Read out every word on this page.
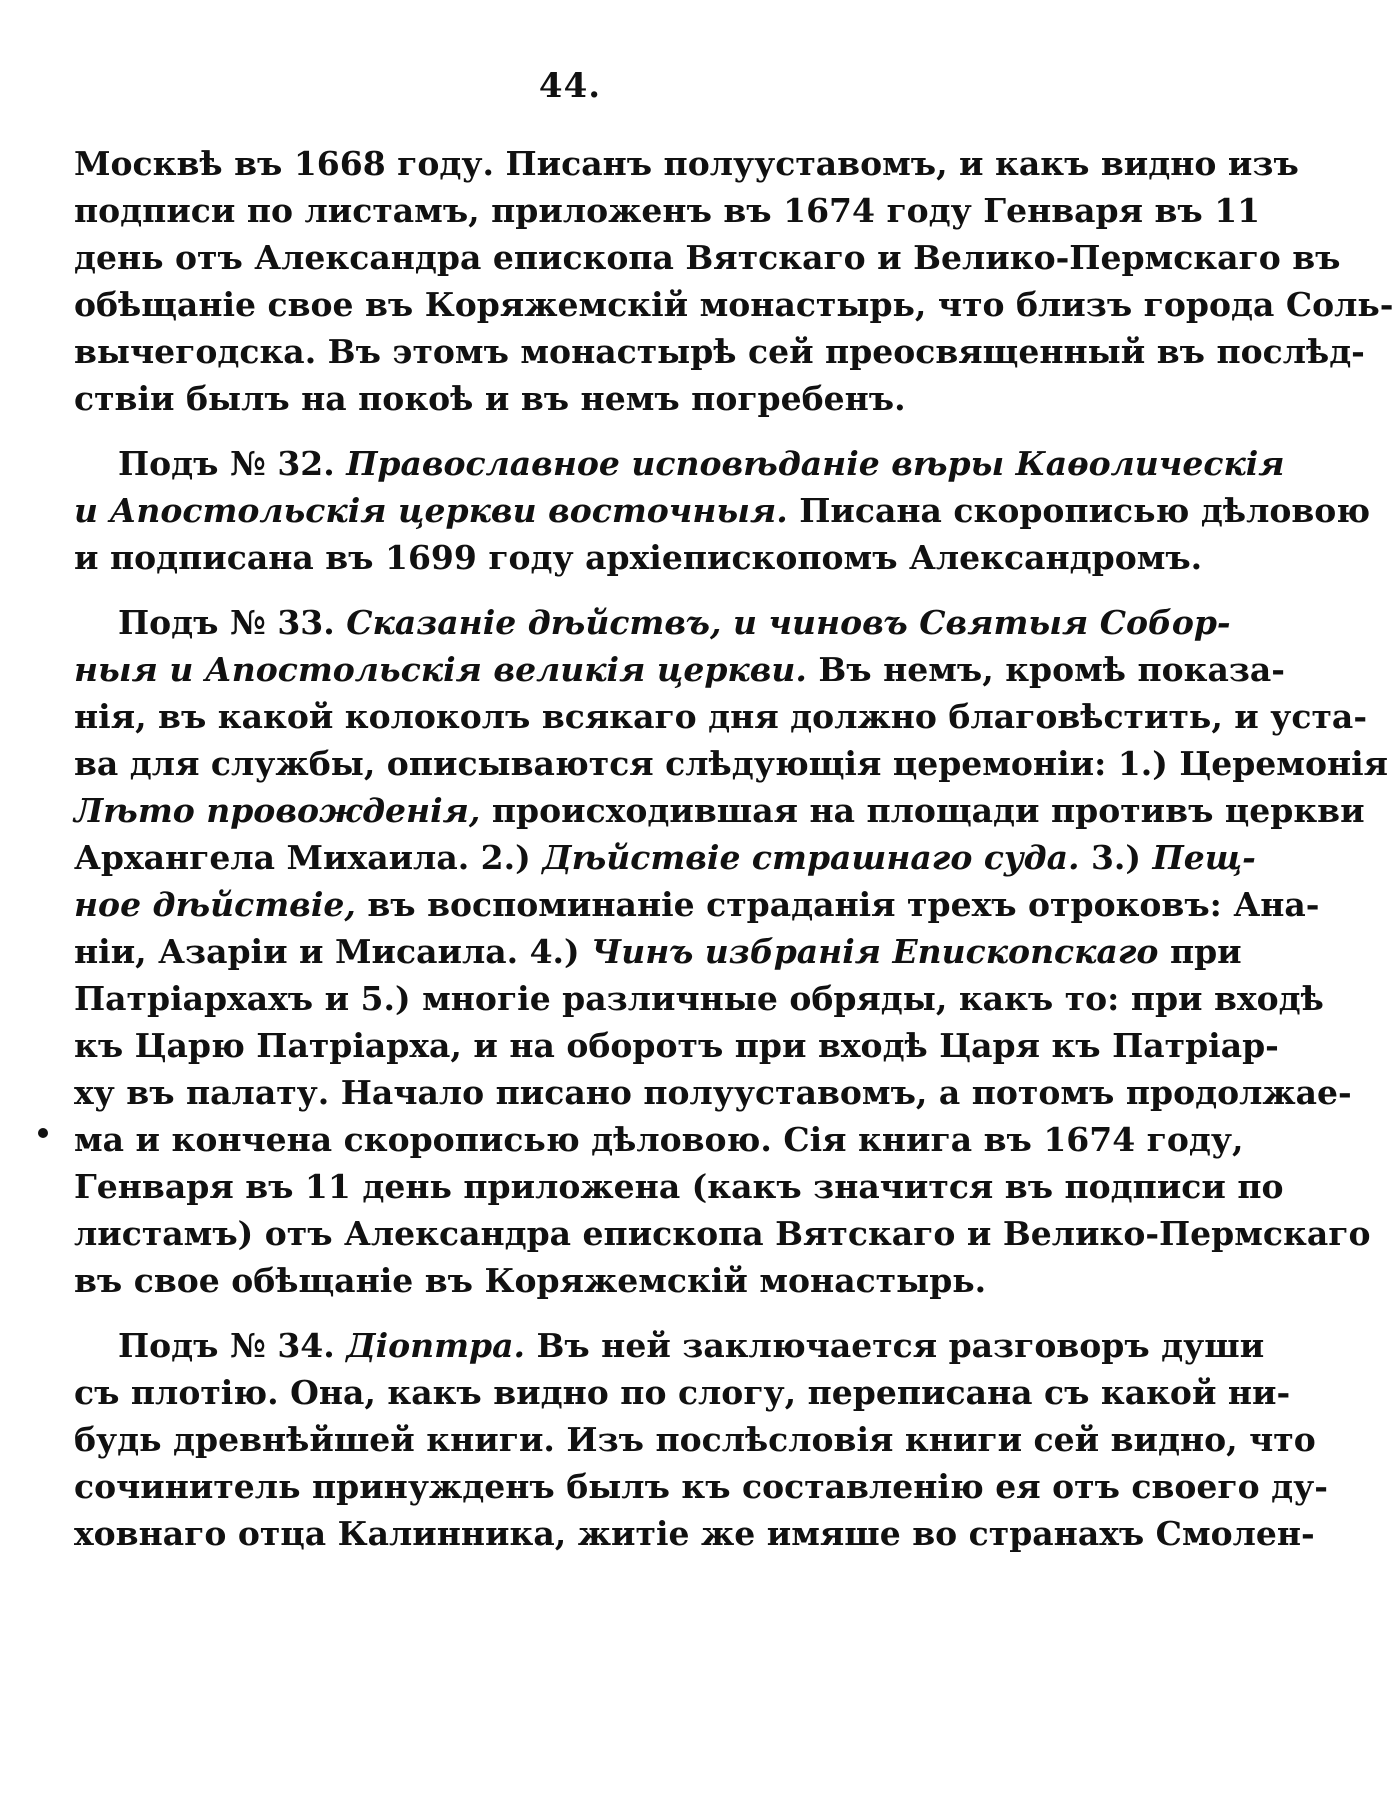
44.
Москвѣ въ 1668 году. Писанъ полууставомъ, и какъ видно изъ
подписи по листамъ, приложенъ въ 1674 году Генваря въ 11
день отъ Александра епископа Вятскаго и Велико-Пермскаго въ
обѣщаніе свое въ Коряжемскій монастырь, что близъ города Соль-
вычегодска. Въ этомъ монастырѣ сей преосвященный въ послѣд-
ствіи былъ на покоѣ и въ немъ погребенъ.
Подъ № 32. Православное исповѣданіе вѣры Каѳолическія
и Апостольскія церкви восточныя. Писана скорописью дѣловою
и подписана въ 1699 году архіепископомъ Александромъ.
Подъ № 33. Сказаніе дѣйствъ, и чиновъ Святыя Собор-
ныя и Апостольскія великія церкви. Въ немъ, кромѣ показа-
нія, въ какой колоколъ всякаго дня должно благовѣстить, и уста-
ва для службы, описываются слѣдующія церемоніи: 1.) Церемонія
Лѣто провожденія, происходившая на площади противъ церкви
Архангела Михаила. 2.) Дѣйствіе страшнаго суда. 3.) Пещ-
ное дѣйствіе, въ воспоминаніе страданія трехъ отроковъ: Ана-
ніи, Азаріи и Мисаила. 4.) Чинъ избранія Епископскаго при
Патріархахъ и 5.) многіе различные обряды, какъ то: при входѣ
къ Царю Патріарха, и на оборотъ при входѣ Царя къ Патріар-
ху въ палату. Начало писано полууставомъ, а потомъ продолжае-
ма и кончена скорописью дѣловою. Сія книга въ 1674 году,
Генваря въ 11 день приложена (какъ значится въ подписи по
листамъ) отъ Александра епископа Вятскаго и Велико-Пермскаго
въ свое обѣщаніе въ Коряжемскій монастырь.
Подъ № 34. Діоптра. Въ ней заключается разговоръ души
съ плотію. Она, какъ видно по слогу, переписана съ какой ни-
будь древнѣйшей книги. Изъ послѣсловія книги сей видно, что
сочинитель принужденъ былъ къ составленію ея отъ своего ду-
ховнаго отца Калинника, житіе же имяше во странахъ Смолен-
